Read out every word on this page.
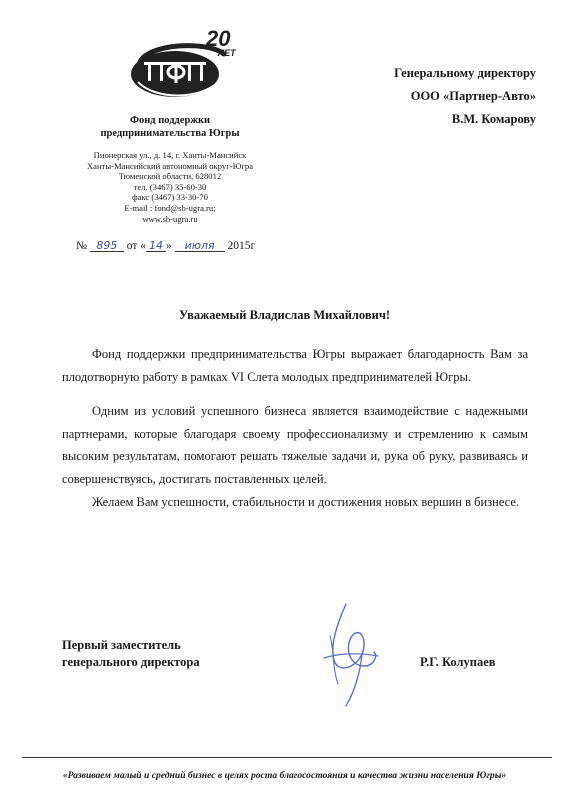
20
ЛЕТ
Фонд поддержки
предпринимательства Югры
Пионерская ул., д. 14, г. Ханты-Мансийск
Ханты-Мансийский автономный округ-Югра
Тюменской области, 628012
тел. (3467) 35-60-30
факс (3467) 33-30-70
E-mail : fond@sb-ugra.ru;
www.sb-ugra.ru
Генеральному директору
ООО «Партнер-Авто»
В.М. Комарову
№ 895 от « 14 » июля 2015г
Уважаемый Владислав Михайлович!

Фонд поддержки предпринимательства Югры выражает благодарность Вам за плодотворную работу в рамках VI Слета молодых предпринимателей Югры.

Одним из условий успешного бизнеса является взаимодействие с надежными партнерами, которые благодаря своему профессионализму и стремлению к самым высоким результатам, помогают решать тяжелые задачи и, рука об руку, развиваясь и совершенствуясь, достигать поставленных целей.

Желаем Вам успешности, стабильности и достижения новых вершин в бизнесе.

Первый заместитель
генерального директора	Р.Г. Колупаев
«Развиваем малый и средний бизнес в целях роста благосостояния и качества жизни населения Югры»
